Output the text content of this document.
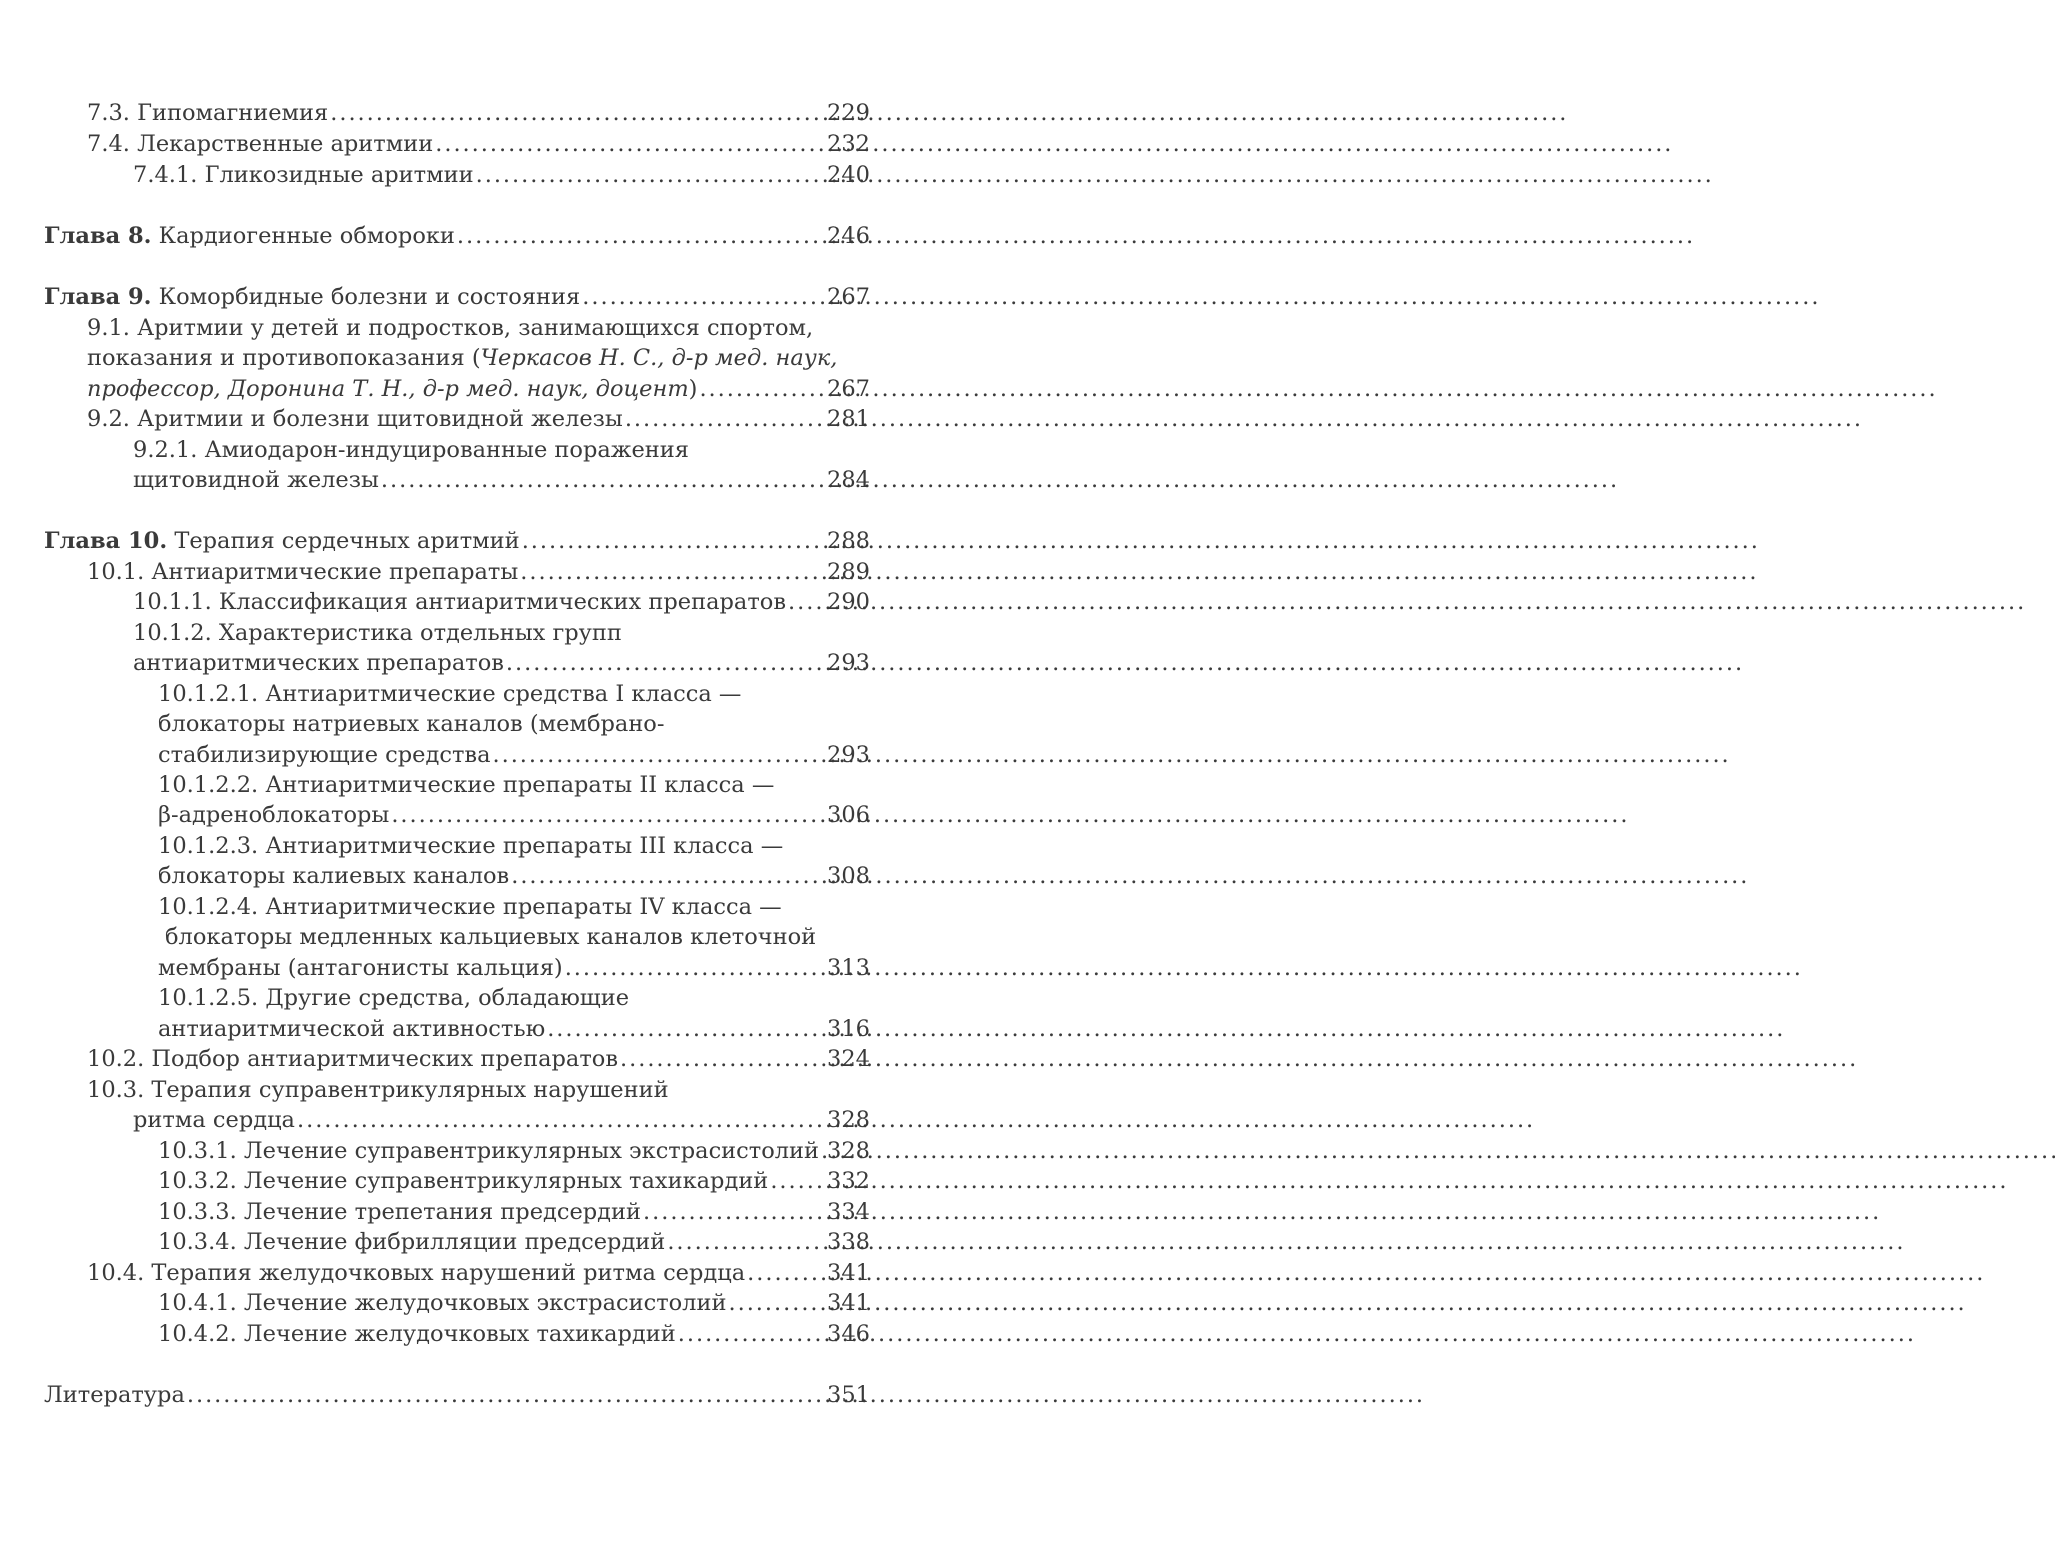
7.3. Гипомагниемия . . .	229
7.4. Лекарственные аритмии . . .	232
7.4.1. Гликозидные аритмии . . .	240
Глава 8. Кардиогенные обмороки . . .	246
Глава 9. Коморбидные болезни и состояния . . .	267
9.1. Аритмии у детей и подростков, занимающихся спортом,
показания и противопоказания (Черкасов Н. С., д-р мед. наук,
профессор, Доронина Т. Н., д-р мед. наук, доцент) . . .	267
9.2. Аритмии и болезни щитовидной железы . . .	281
9.2.1. Амиодарон-индуцированные поражения
щитовидной железы . . .	284
Глава 10. Терапия сердечных аритмий . . .	288
10.1. Антиаритмические препараты . . .	289
10.1.1. Классификация антиаритмических препаратов . . . 290
10.1.2. Характеристика отдельных групп
антиаритмических препаратов . . .	293
10.1.2.1. Антиаритмические средства I класса —
блокаторы натриевых каналов (мембрано-
стабилизирующие средства . . .	293
10.1.2.2. Антиаритмические препараты II класса —
β-адреноблокаторы . . .	306
10.1.2.3. Антиаритмические препараты III класса —
блокаторы калиевых каналов . . .	308
10.1.2.4. Антиаритмические препараты IV класса —
блокаторы медленных кальциевых каналов клеточной
мембраны (антагонисты кальция) . . .	313
10.1.2.5. Другие средства, обладающие
антиаритмической активностью . . .	316
10.2. Подбор антиаритмических препаратов . . .	324
10.3. Терапия суправентрикулярных нарушений
ритма сердца . . .	328
10.3.1. Лечение суправентрикулярных экстрасистолий . . . 328
10.3.2. Лечение суправентрикулярных тахикардий . . .	332
10.3.3. Лечение трепетания предсердий . . .	334
10.3.4. Лечение фибрилляции предсердий . . .	338
10.4. Терапия желудочковых нарушений ритма сердца . . .	341
10.4.1. Лечение желудочковых экстрасистолий . . .	341
10.4.2. Лечение желудочковых тахикардий . . .	346
Литература . . .	351
